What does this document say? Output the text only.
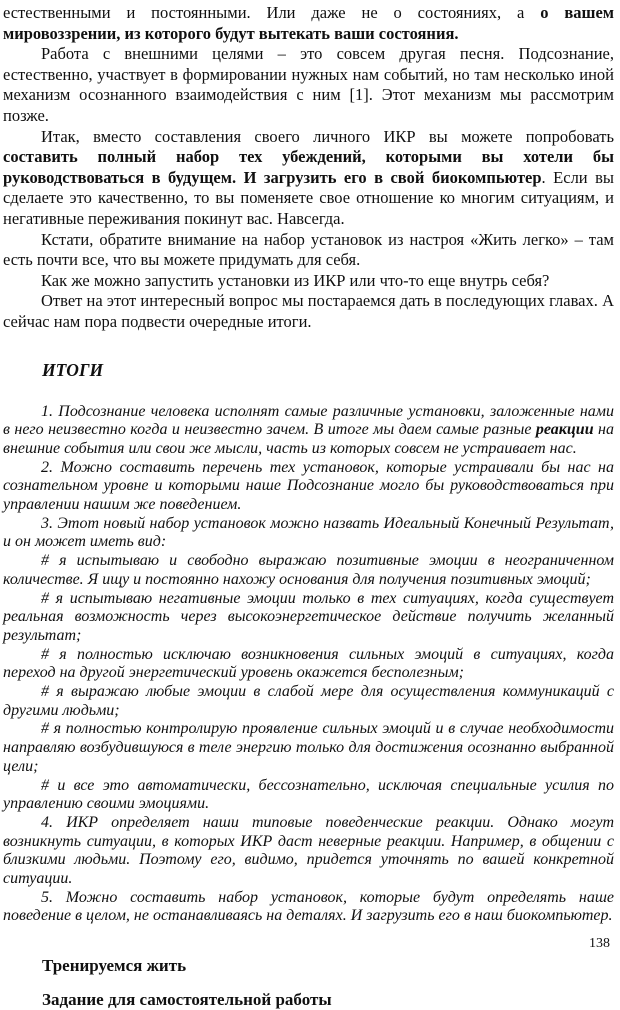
естественными и постоянными. Или даже не о состояниях, а о вашем мировоззрении, из которого будут вытекать ваши состояния.

Работа с внешними целями – это совсем другая песня. Подсознание, естественно, участвует в формировании нужных нам событий, но там несколько иной механизм осознанного взаимодействия с ним [1]. Этот механизм мы рассмотрим позже.

Итак, вместо составления своего личного ИКР вы можете попробовать составить полный набор тех убеждений, которыми вы хотели бы руководствоваться в будущем. И загрузить его в свой биокомпьютер. Если вы сделаете это качественно, то вы поменяете свое отношение ко многим ситуациям, и негативные переживания покинут вас. Навсегда.

Кстати, обратите внимание на набор установок из настроя «Жить легко» – там есть почти все, что вы можете придумать для себя.

Как же можно запустить установки из ИКР или что-то еще внутрь себя?

Ответ на этот интересный вопрос мы постараемся дать в последующих главах. А сейчас нам пора подвести очередные итоги.

ИТОГИ

1. Подсознание человека исполнят самые различные установки, заложенные нами в него неизвестно когда и неизвестно зачем. В итоге мы даем самые разные реакции на внешние события или свои же мысли, часть из которых совсем не устраивает нас.

2. Можно составить перечень тех установок, которые устраивали бы нас на сознательном уровне и которыми наше Подсознание могло бы руководствоваться при управлении нашим же поведением.

3. Этот новый набор установок можно назвать Идеальный Конечный Результат, и он может иметь вид:

# я испытываю и свободно выражаю позитивные эмоции в неограниченном количестве. Я ищу и постоянно нахожу основания для получения позитивных эмоций;

# я испытываю негативные эмоции только в тех ситуациях, когда существует реальная возможность через высокоэнергетическое действие получить желанный результат;

# я полностью исключаю возникновения сильных эмоций в ситуациях, когда переход на другой энергетический уровень окажется бесполезным;

# я выражаю любые эмоции в слабой мере для осуществления коммуникаций с другими людьми;

# я полностью контролирую проявление сильных эмоций и в случае необходимости направляю возбудившуюся в теле энергию только для достижения осознанно выбранной цели;

# и все это автоматически, бессознательно, исключая специальные усилия по управлению своими эмоциями.

4. ИКР определяет наши типовые поведенческие реакции. Однако могут возникнуть ситуации, в которых ИКР даст неверные реакции. Например, в общении с близкими людьми. Поэтому его, видимо, придется уточнять по вашей конкретной ситуации.

5. Можно составить набор установок, которые будут определять наше поведение в целом, не останавливаясь на деталях. И загрузить его в наш биокомпьютер.

Тренируемся жить

Задание для самостоятельной работы

138
